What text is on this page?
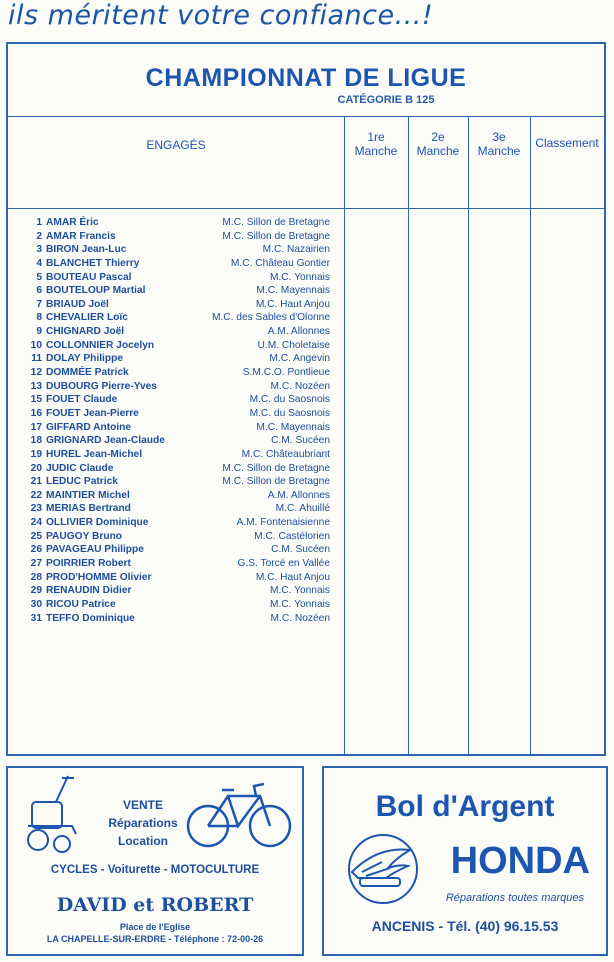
ils méritent votre confiance...!
CHAMPIONNAT DE LIGUE
CATÉGORIE B 125
ENGAGÉS
1re
Manche
2e
Manche
3e
Manche
Classement
1 AMAR Éric	M.C. Sillon de Bretagne
2 AMAR Francis	M.C. Sillon de Bretagne
3 BIRON Jean-Luc	M.C. Nazairien
4 BLANCHET Thierry	M.C. Château Gontier
5 BOUTEAU Pascal	M.C. Yonnais
6 BOUTELOUP Martial	M.C. Mayennais
7 BRIAUD Joël	M.C. Haut Anjou
8 CHEVALIER Loïc	M.C. des Sables d'Olonne
9 CHIGNARD Joël	A.M. Allonnes
10 COLLONNIER Jocelyn	U.M. Choletaise
11 DOLAY Philippe	M.C. Angevin
12 DOMMÉE Patrick	S.M.C.O. Pontlieue
13 DUBOURG Pierre-Yves	M.C. Nozéen
15 FOUET Claude	M.C. du Saosnois
16 FOUET Jean-Pierre	M.C. du Saosnois
17 GIFFARD Antoine	M.C. Mayennais
18 GRIGNARD Jean-Claude	C.M. Sucéen
19 HUREL Jean-Michel	M.C. Châteaubriant
20 JUDIC Claude	M.C. Sillon de Bretagne
21 LEDUC Patrick	M.C. Sillon de Bretagne
22 MAINTIER Michel	A.M. Allonnes
23 MERIAS Bertrand	M.C. Ahuillé
24 OLLIVIER Dominique	A.M. Fontenaisienne
25 PAUGOY Bruno	M.C. Castélorien
26 PAVAGEAU Philippe	C.M. Sucéen
27 POIRRIER Robert	G.S. Torcé en Vallée
28 PROD'HOMME Olivier	M.C. Haut Anjou
29 RENAUDIN Didier	M.C. Yonnais
30 RICOU Patrice	M.C. Yonnais
31 TEFFO Dominique	M.C. Nozéen
VENTE
Réparations
Location
CYCLES - Voiturette - MOTOCULTURE
DAVID et ROBERT
Place de l'Eglise
LA CHAPELLE-SUR-ERDRE - Téléphone : 72-00-26
Bol d'Argent
HONDA
Réparations toutes marques
ANCENIS - Tél. (40) 96.15.53
